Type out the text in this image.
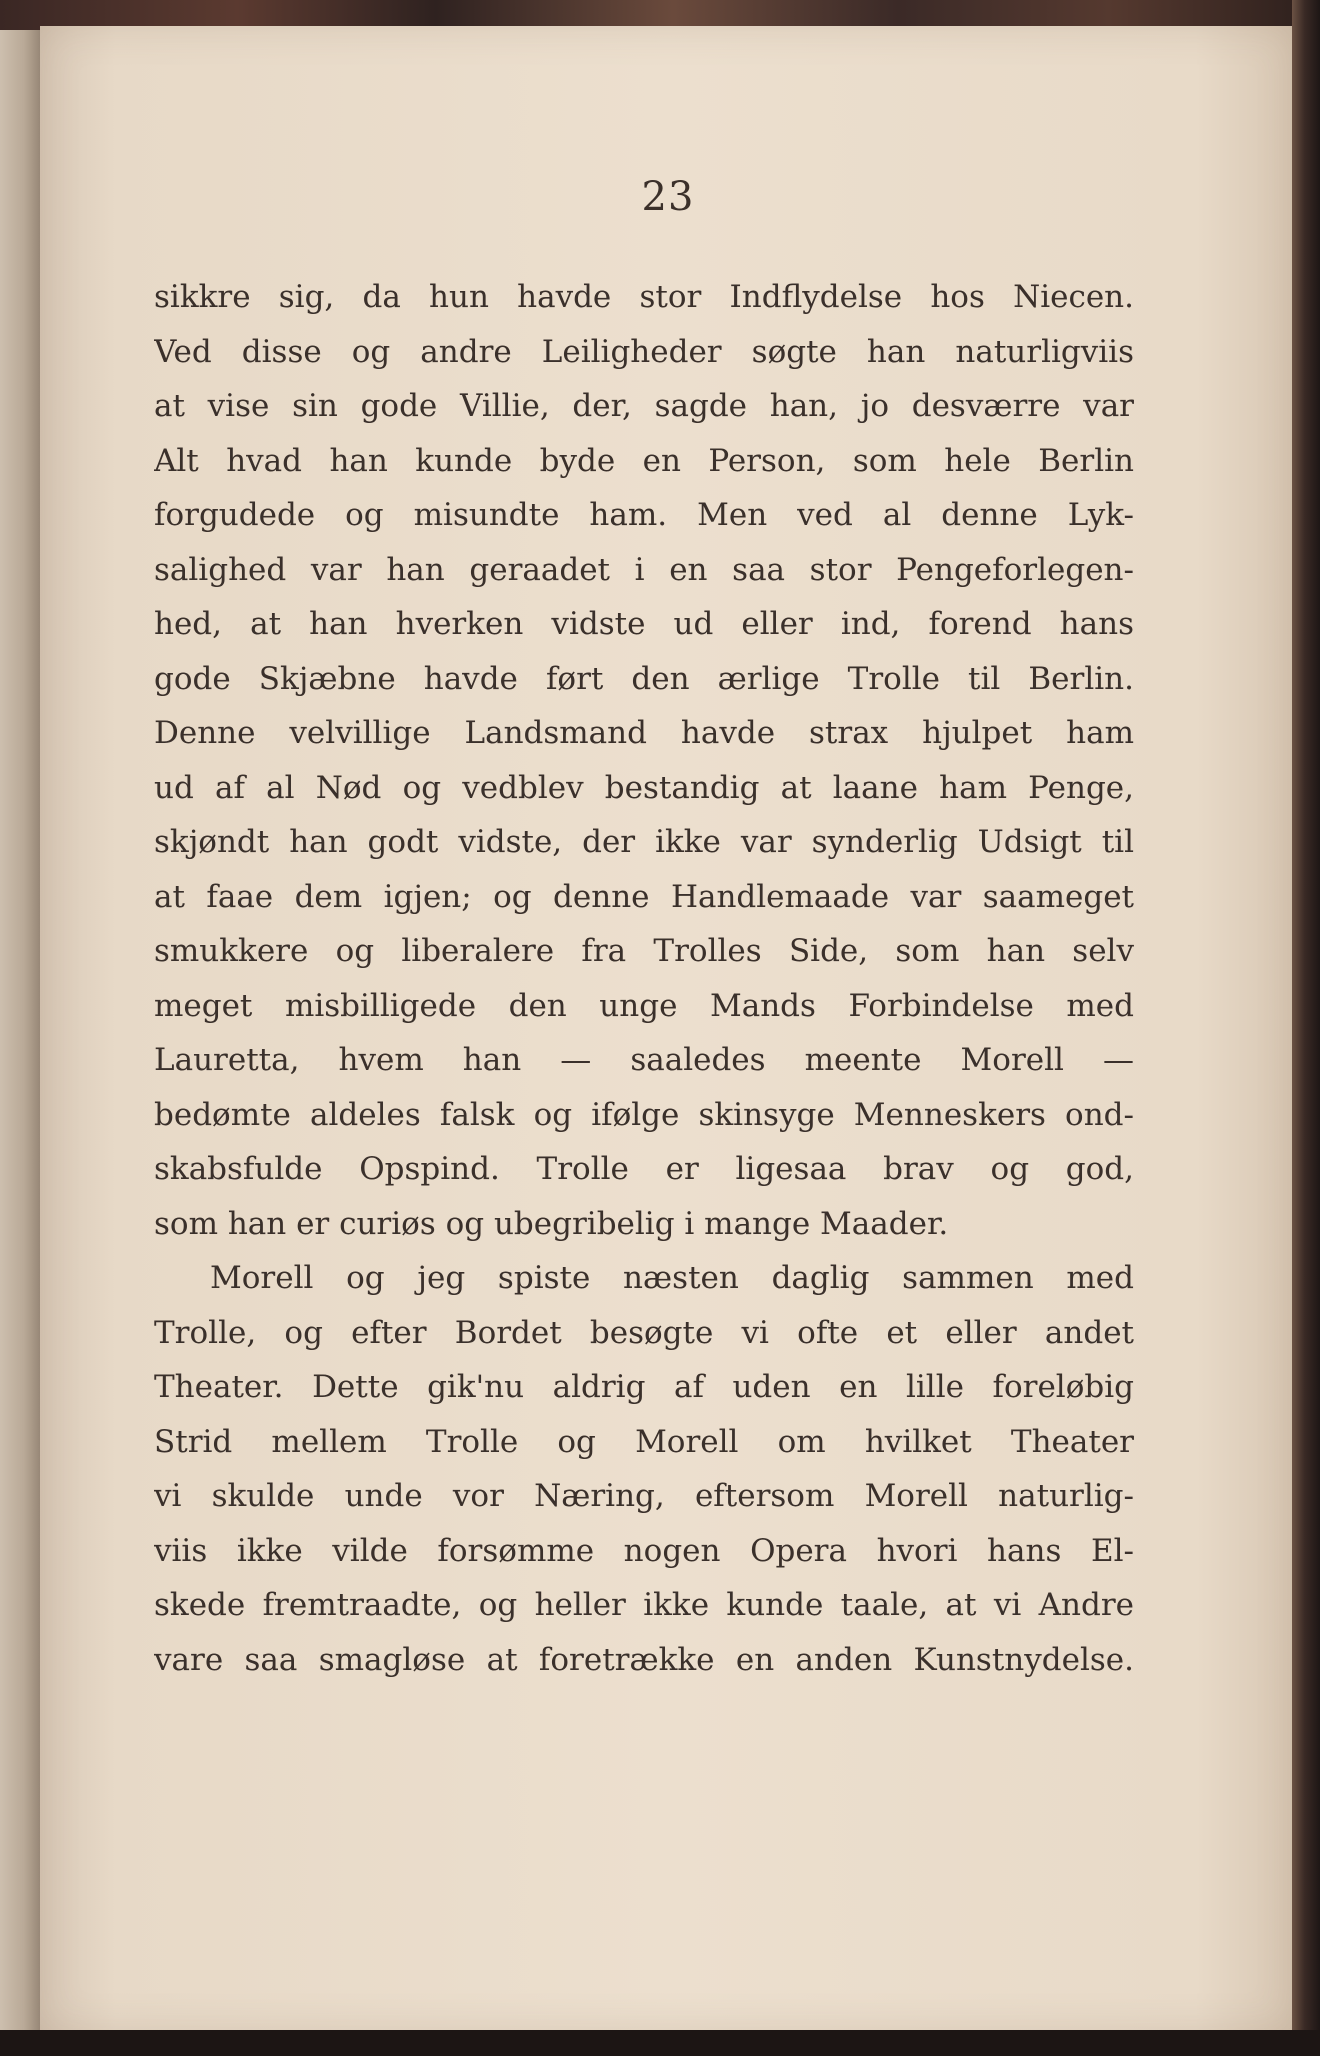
23
sikkre sig, da hun havde stor Indflydelse hos Niecen.
Ved disse og andre Leiligheder søgte han naturligviis
at vise sin gode Villie, der, sagde han, jo desværre var
Alt hvad han kunde byde en Person, som hele Berlin
forgudede og misundte ham. Men ved al denne Lyk-
salighed var han geraadet i en saa stor Pengeforlegen-
hed, at han hverken vidste ud eller ind, forend hans
gode Skjæbne havde ført den ærlige Trolle til Berlin.
Denne velvillige Landsmand havde strax hjulpet ham
ud af al Nød og vedblev bestandig at laane ham Penge,
skjøndt han godt vidste, der ikke var synderlig Udsigt til
at faae dem igjen; og denne Handlemaade var saameget
smukkere og liberalere fra Trolles Side, som han selv
meget misbilligede den unge Mands Forbindelse med
Lauretta, hvem han — saaledes meente Morell —
bedømte aldeles falsk og ifølge skinsyge Menneskers ond-
skabsfulde Opspind. Trolle er ligesaa brav og god,
som han er curiøs og ubegribelig i mange Maader.
Morell og jeg spiste næsten daglig sammen med
Trolle, og efter Bordet besøgte vi ofte et eller andet
Theater. Dette gik'nu aldrig af uden en lille foreløbig
Strid mellem Trolle og Morell om hvilket Theater
vi skulde unde vor Næring, eftersom Morell naturlig-
viis ikke vilde forsømme nogen Opera hvori hans El-
skede fremtraadte, og heller ikke kunde taale, at vi Andre
vare saa smagløse at foretrække en anden Kunstnydelse.
